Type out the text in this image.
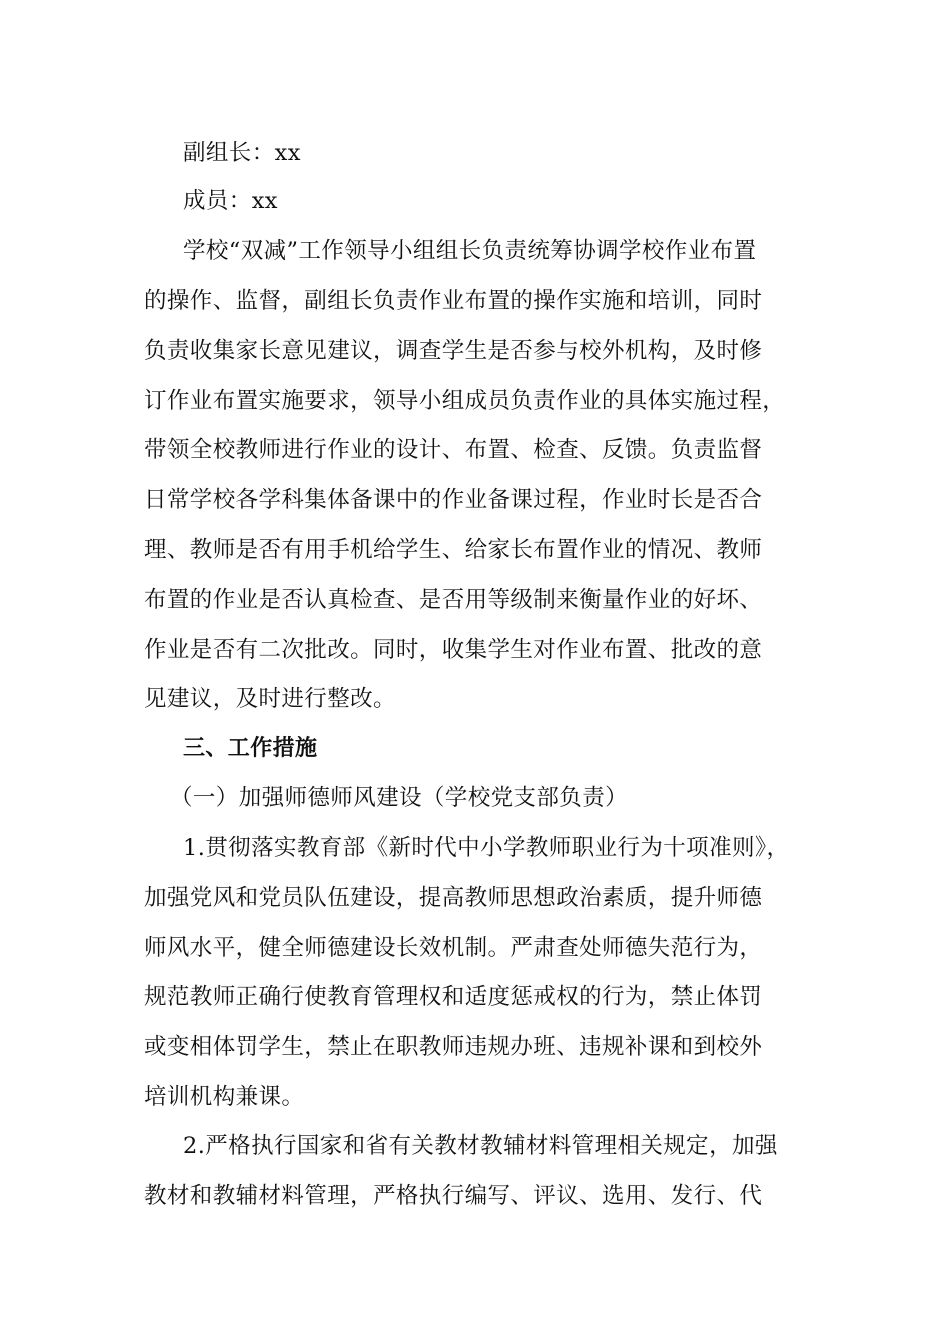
副组长：xx
成员：xx
学校“双减”工作领导小组组长负责统筹协调学校作业布置
的操作、监督，副组长负责作业布置的操作实施和培训，同时
负责收集家长意见建议，调查学生是否参与校外机构，及时修
订作业布置实施要求，领导小组成员负责作业的具体实施过程，
带领全校教师进行作业的设计、布置、检查、反馈。负责监督
日常学校各学科集体备课中的作业备课过程，作业时长是否合
理、教师是否有用手机给学生、给家长布置作业的情况、教师
布置的作业是否认真检查、是否用等级制来衡量作业的好坏、
作业是否有二次批改。同时，收集学生对作业布置、批改的意
见建议，及时进行整改。
三、工作措施
（一）加强师德师风建设（学校党支部负责）
1.贯彻落实教育部《新时代中小学教师职业行为十项准则》，
加强党风和党员队伍建设，提高教师思想政治素质，提升师德
师风水平，健全师德建设长效机制。严肃查处师德失范行为，
规范教师正确行使教育管理权和适度惩戒权的行为，禁止体罚
或变相体罚学生，禁止在职教师违规办班、违规补课和到校外
培训机构兼课。
2.严格执行国家和省有关教材教辅材料管理相关规定，加强
教材和教辅材料管理，严格执行编写、评议、选用、发行、代
